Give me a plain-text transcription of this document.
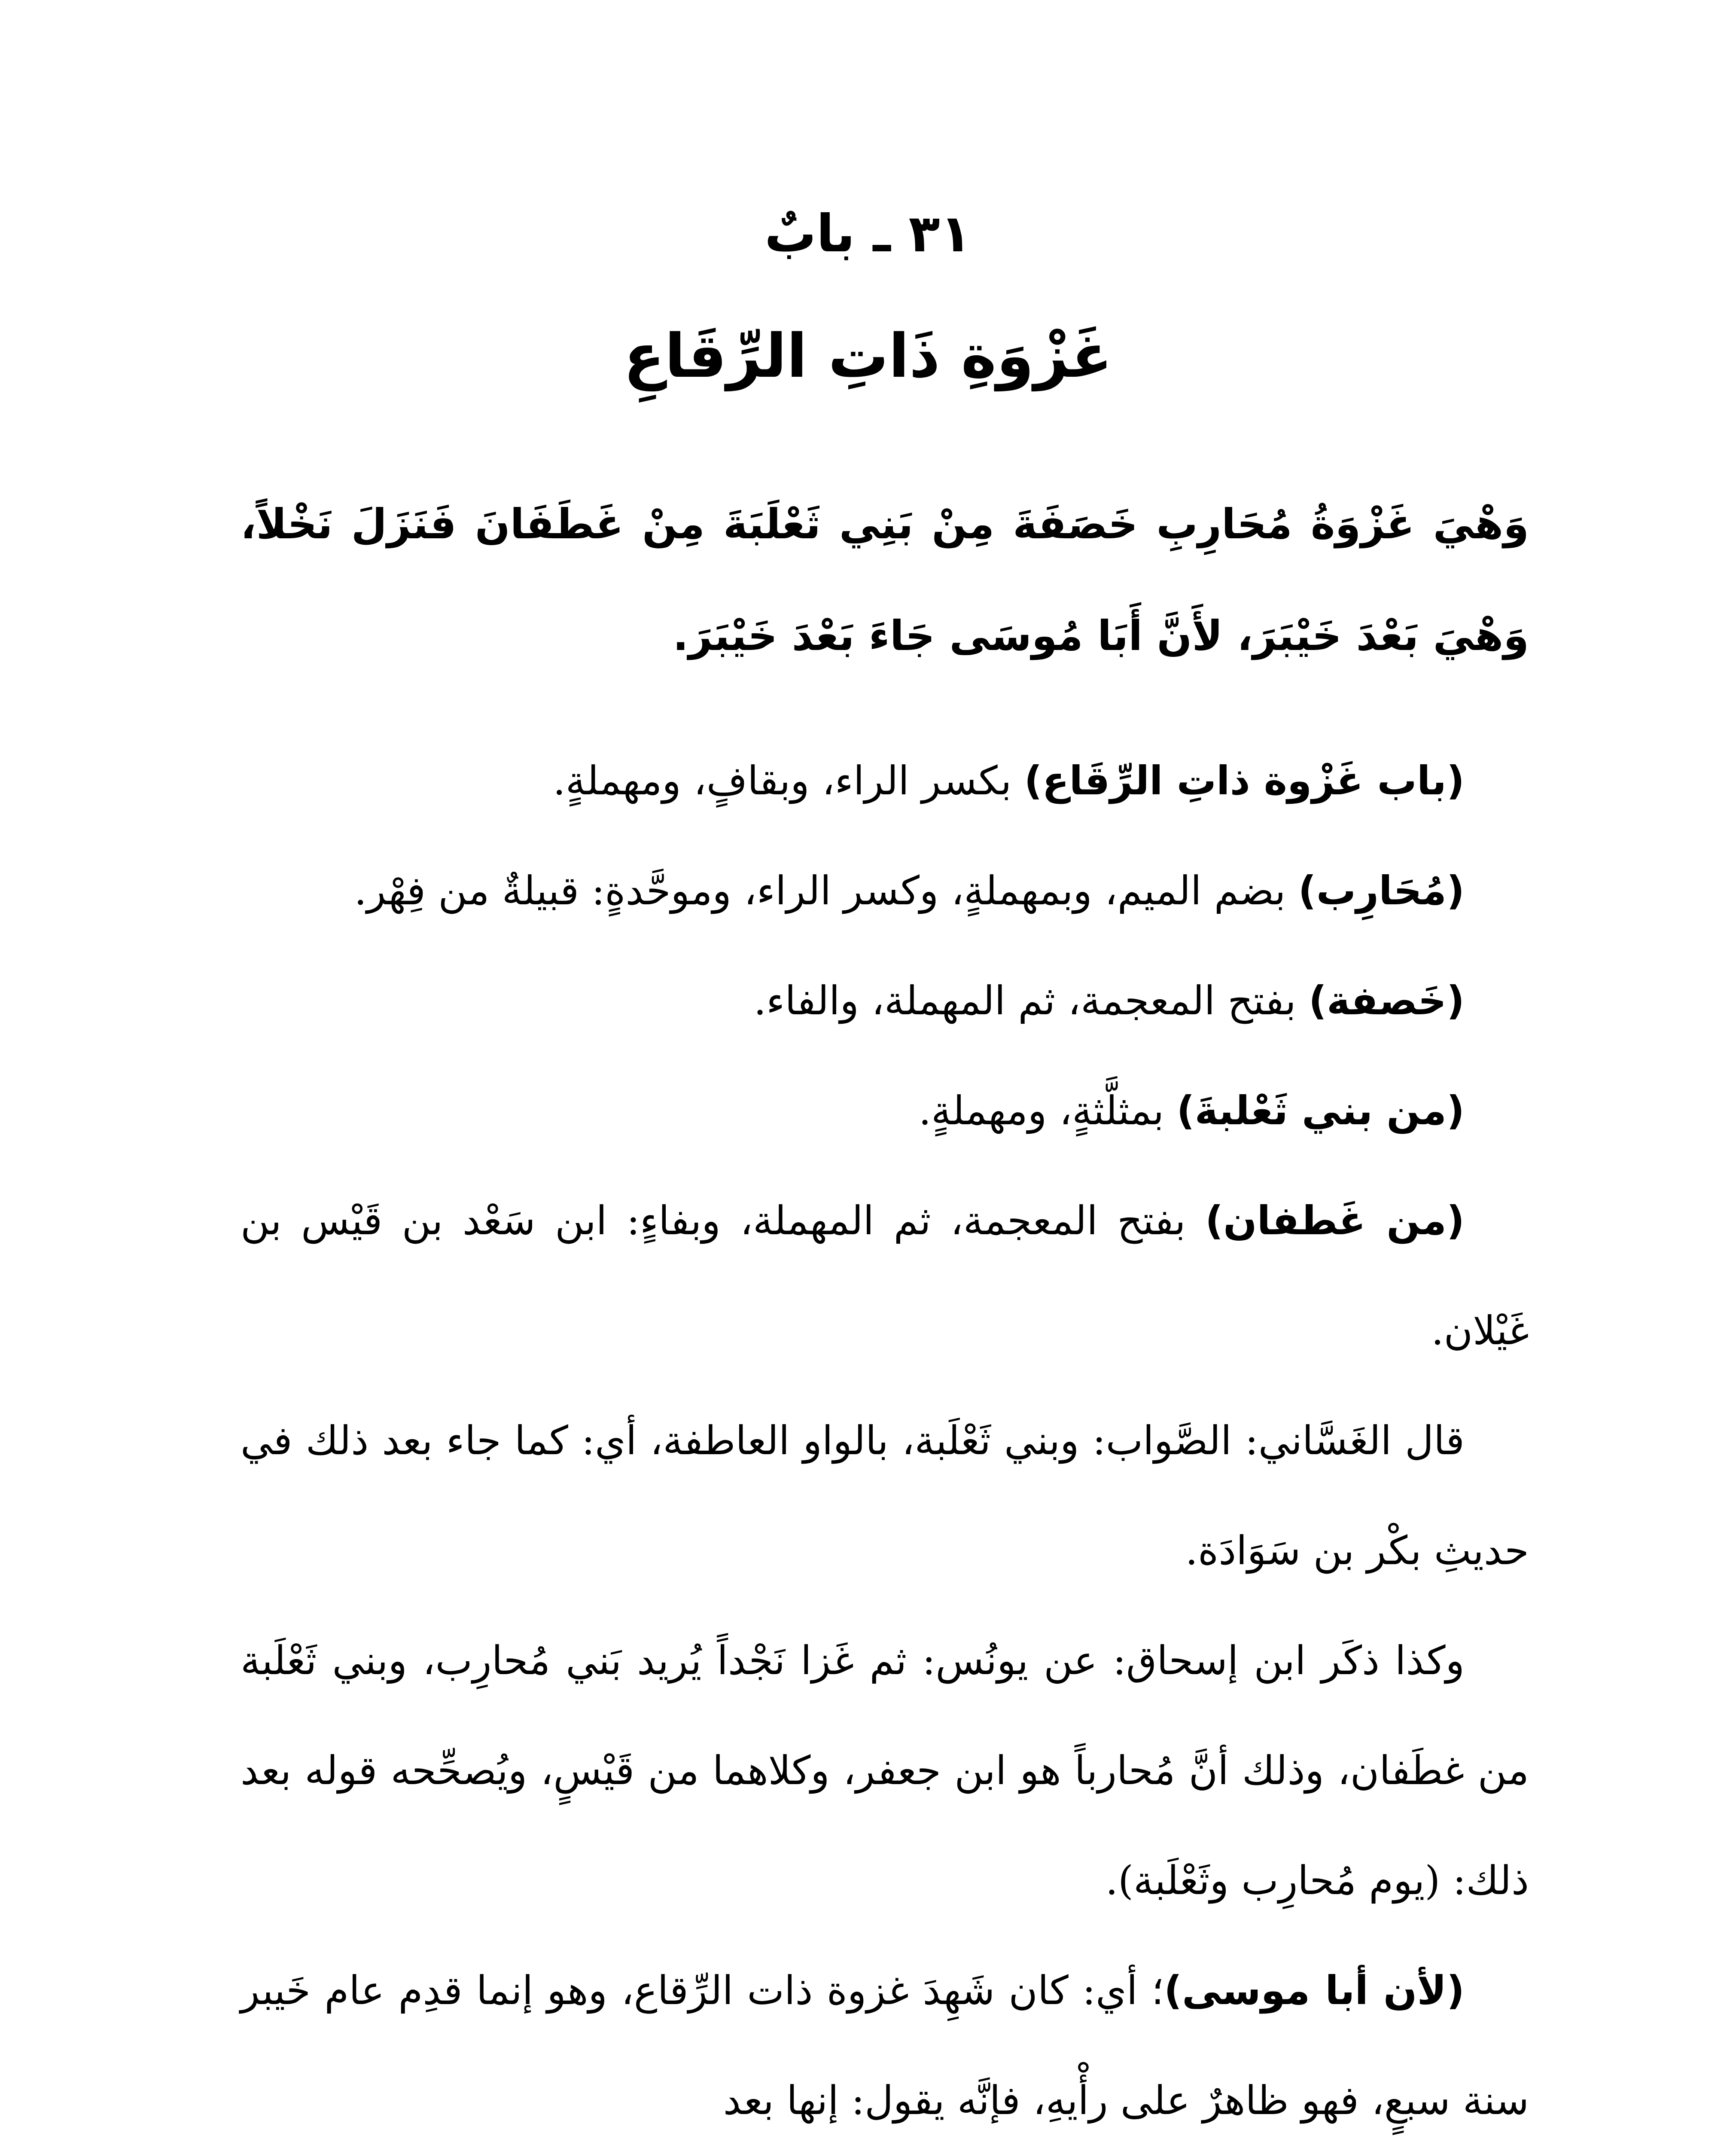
٣١ ـ بابٌ
غَزْوَةِ ذَاتِ الرِّقَاعِ
وَهْيَ غَزْوَةُ مُحَارِبِ خَصَفَةَ مِنْ بَنِي ثَعْلَبَةَ مِنْ غَطَفَانَ فَنَزَلَ نَخْلاً، وَهْيَ بَعْدَ خَيْبَرَ، لأَنَّ أَبَا مُوسَى جَاءَ بَعْدَ خَيْبَرَ.

(باب غَزْوة ذاتِ الرِّقَاع) بكسر الراء، وبقافٍ، ومهملةٍ.

(مُحَارِب) بضم الميم، وبمهملةٍ، وكسر الراء، وموحَّدةٍ: قبيلةٌ من فِهْر.

(خَصفة) بفتح المعجمة، ثم المهملة، والفاء.

(من بني ثَعْلبةَ) بمثلَّثةٍ، ومهملةٍ.

(من غَطفان) بفتح المعجمة، ثم المهملة، وبفاءٍ: ابن سَعْد بن قَيْس بن غَيْلان.

قال الغَسَّاني: الصَّواب: وبني ثَعْلَبة، بالواو العاطفة، أي: كما جاء بعد ذلك في حديثِ بكْر بن سَوَادَة.

وكذا ذكَر ابن إسحاق: عن يونُس: ثم غَزا نَجْداً يُريد بَني مُحارِب، وبني ثَعْلَبة من غطَفان، وذلك أنَّ مُحارباً هو ابن جعفر، وكلاهما من قَيْسٍ، ويُصحِّحه قوله بعد ذلك: (يوم مُحارِب وثَعْلَبة).

(لأن أبا موسى)؛ أي: كان شَهِدَ غزوة ذات الرِّقاع، وهو إنما قدِم عام خَيبر سنة سبعٍ، فهو ظاهرٌ على رأْيهِ، فإنَّه يقول: إنها بعد
